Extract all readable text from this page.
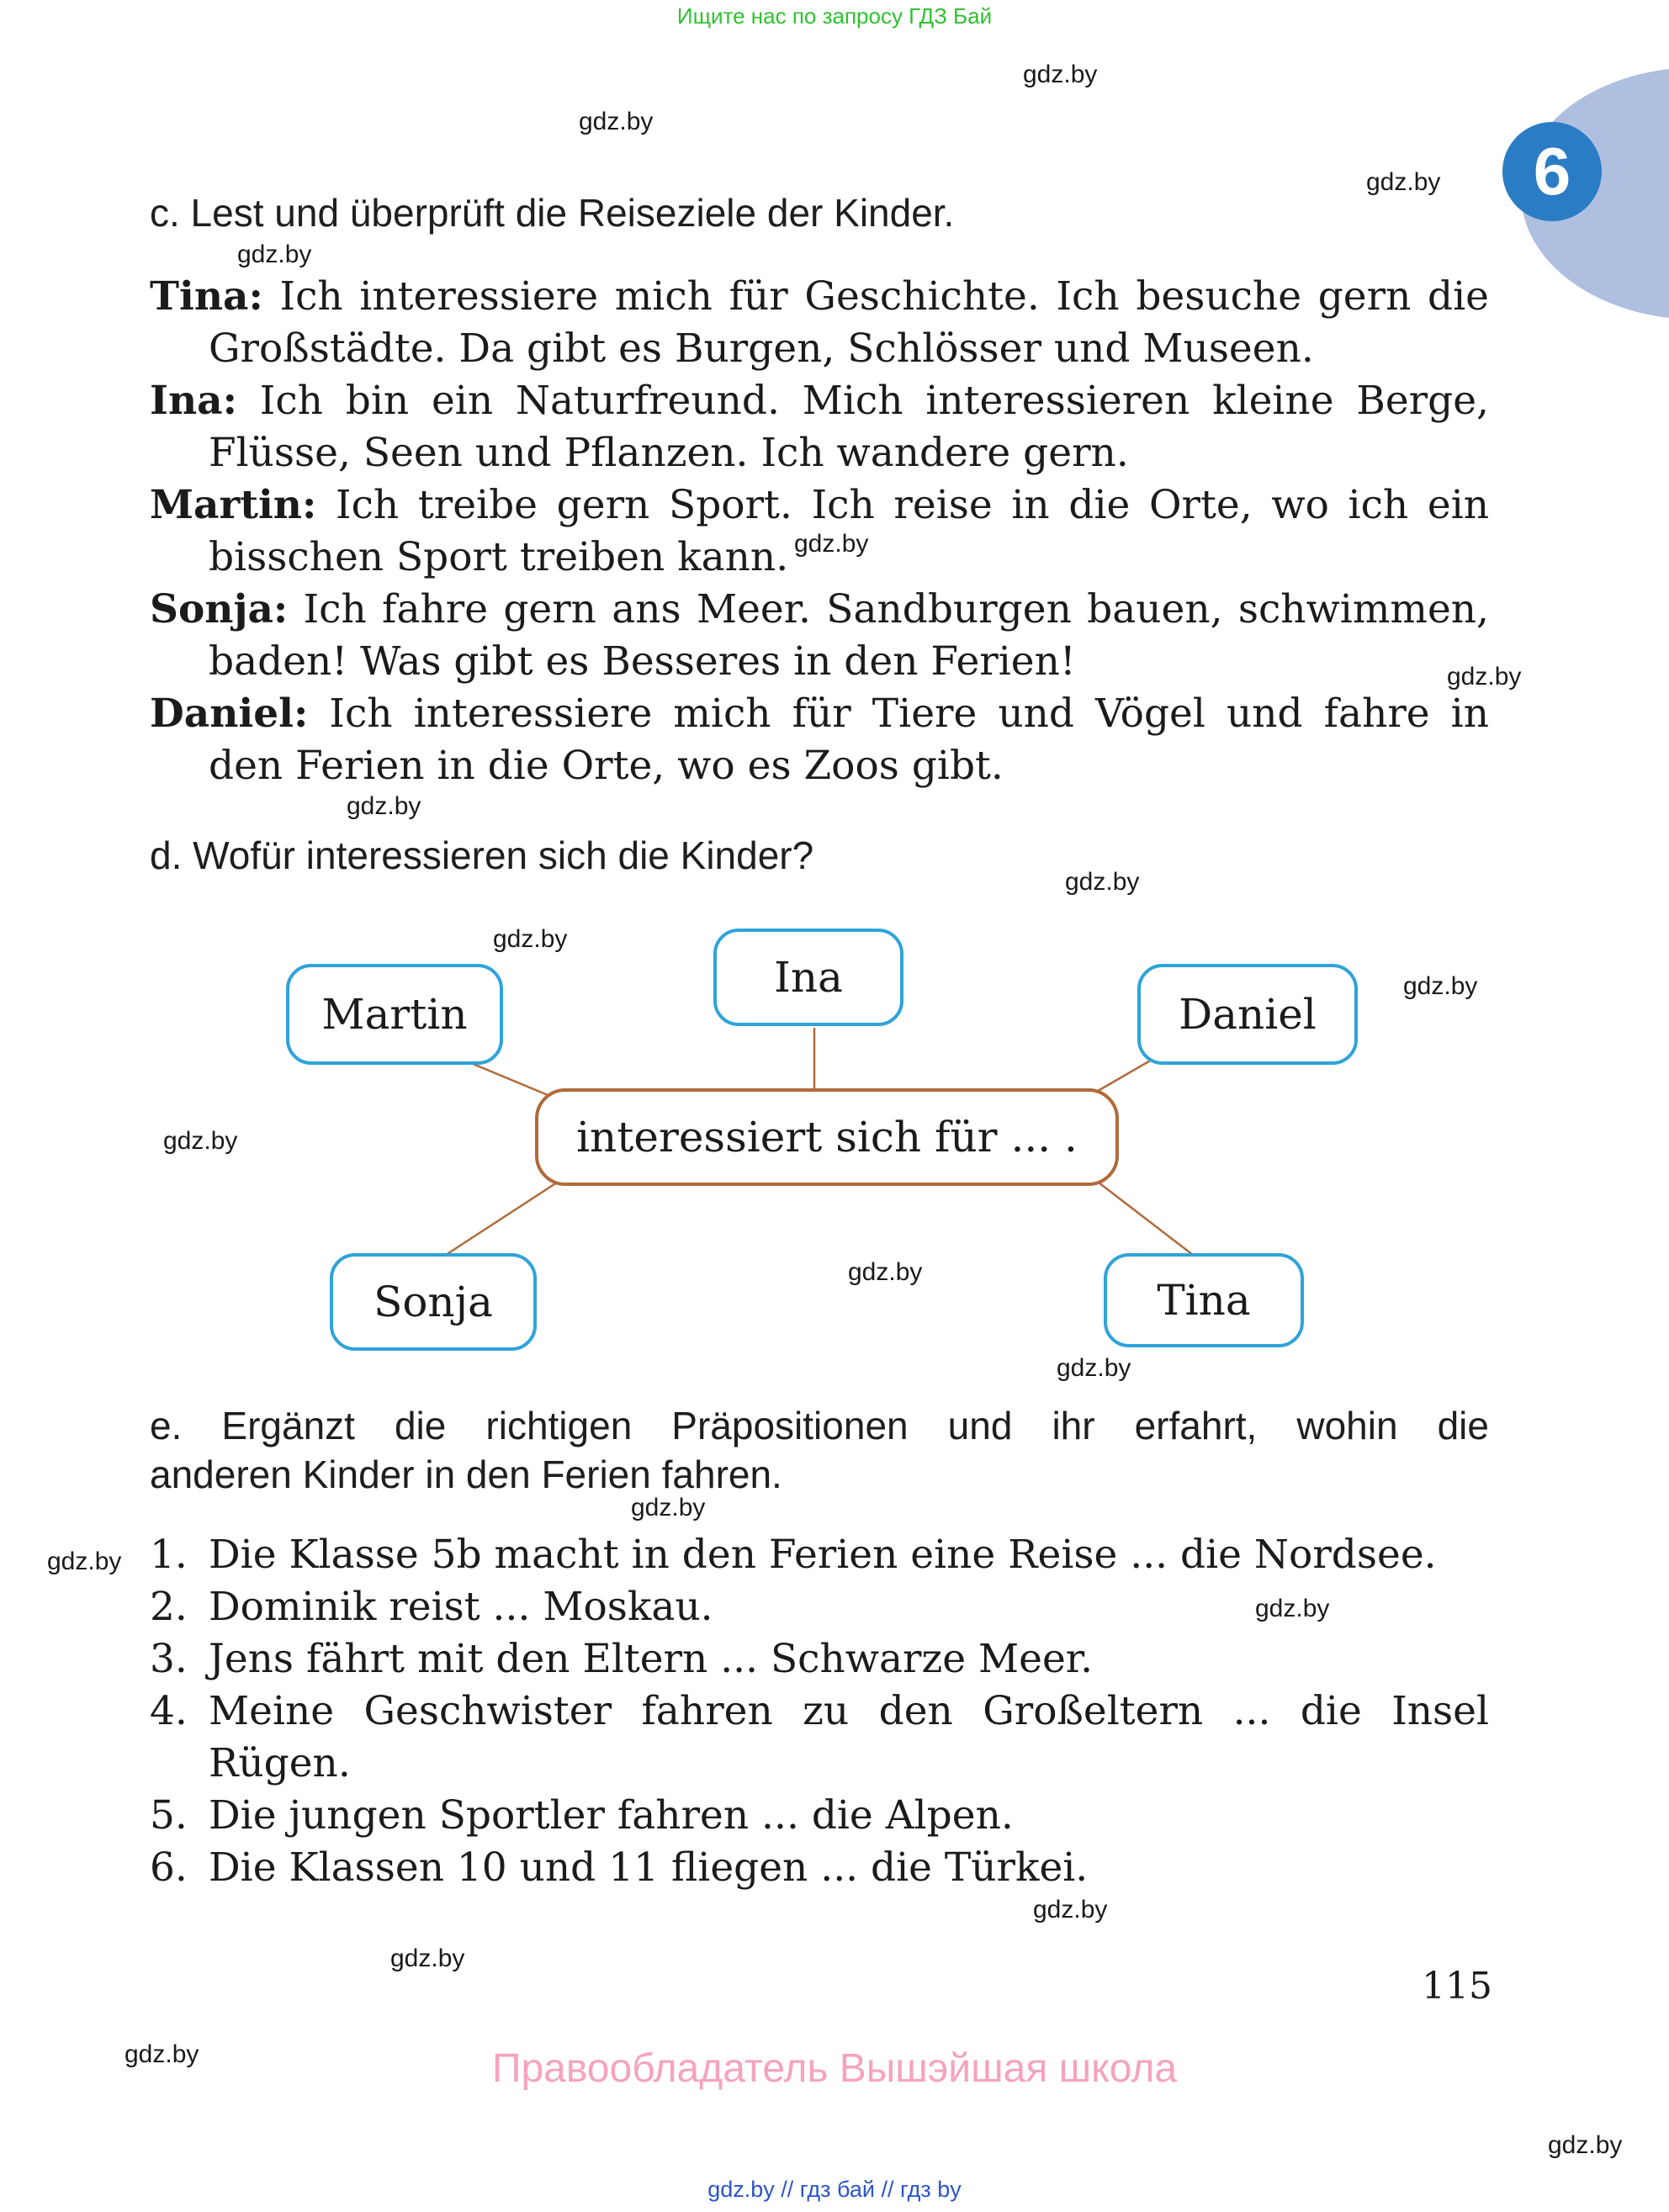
Ищите нас по запросу ГДЗ Бай
6
gdz.by
gdz.by
gdz.by
gdz.by
gdz.by
gdz.by
gdz.by
gdz.by
gdz.by
gdz.by
gdz.by
gdz.by
gdz.by
gdz.by
gdz.by
gdz.by
gdz.by
gdz.by
gdz.by
gdz.by
c. Lest und überprüft die Reiseziele der Kinder.
Tina: Ich interessiere mich für Geschichte. Ich besuche gern die
Großstädte. Da gibt es Burgen, Schlösser und Museen.
Ina: Ich bin ein Naturfreund. Mich interessieren kleine Berge,
Flüsse, Seen und Pflanzen. Ich wandere gern.
Martin: Ich treibe gern Sport. Ich reise in die Orte, wo ich ein
bisschen Sport treiben kann.
Sonja: Ich fahre gern ans Meer. Sandburgen bauen, schwimmen,
baden! Was gibt es Besseres in den Ferien!
Daniel: Ich interessiere mich für Tiere und Vögel und fahre in
den Ferien in die Orte, wo es Zoos gibt.
d. Wofür interessieren sich die Kinder?
Martin
Ina
Daniel
interessiert sich für ... .
Sonja	Tina
e. Ergänzt die richtigen Präpositionen und ihr erfahrt, wohin die
anderen Kinder in den Ferien fahren.
1. Die Klasse 5b macht in den Ferien eine Reise ... die Nordsee.
2. Dominik reist ... Moskau.
3. Jens fährt mit den Eltern ... Schwarze Meer.
4. Meine Geschwister fahren zu den Großeltern ... die Insel
Rügen.
5. Die jungen Sportler fahren ... die Alpen.
6. Die Klassen 10 und 11 fliegen ... die Türkei.
115
Правообладатель Вышэйшая школа
gdz.by // гдз бай // гдз by
